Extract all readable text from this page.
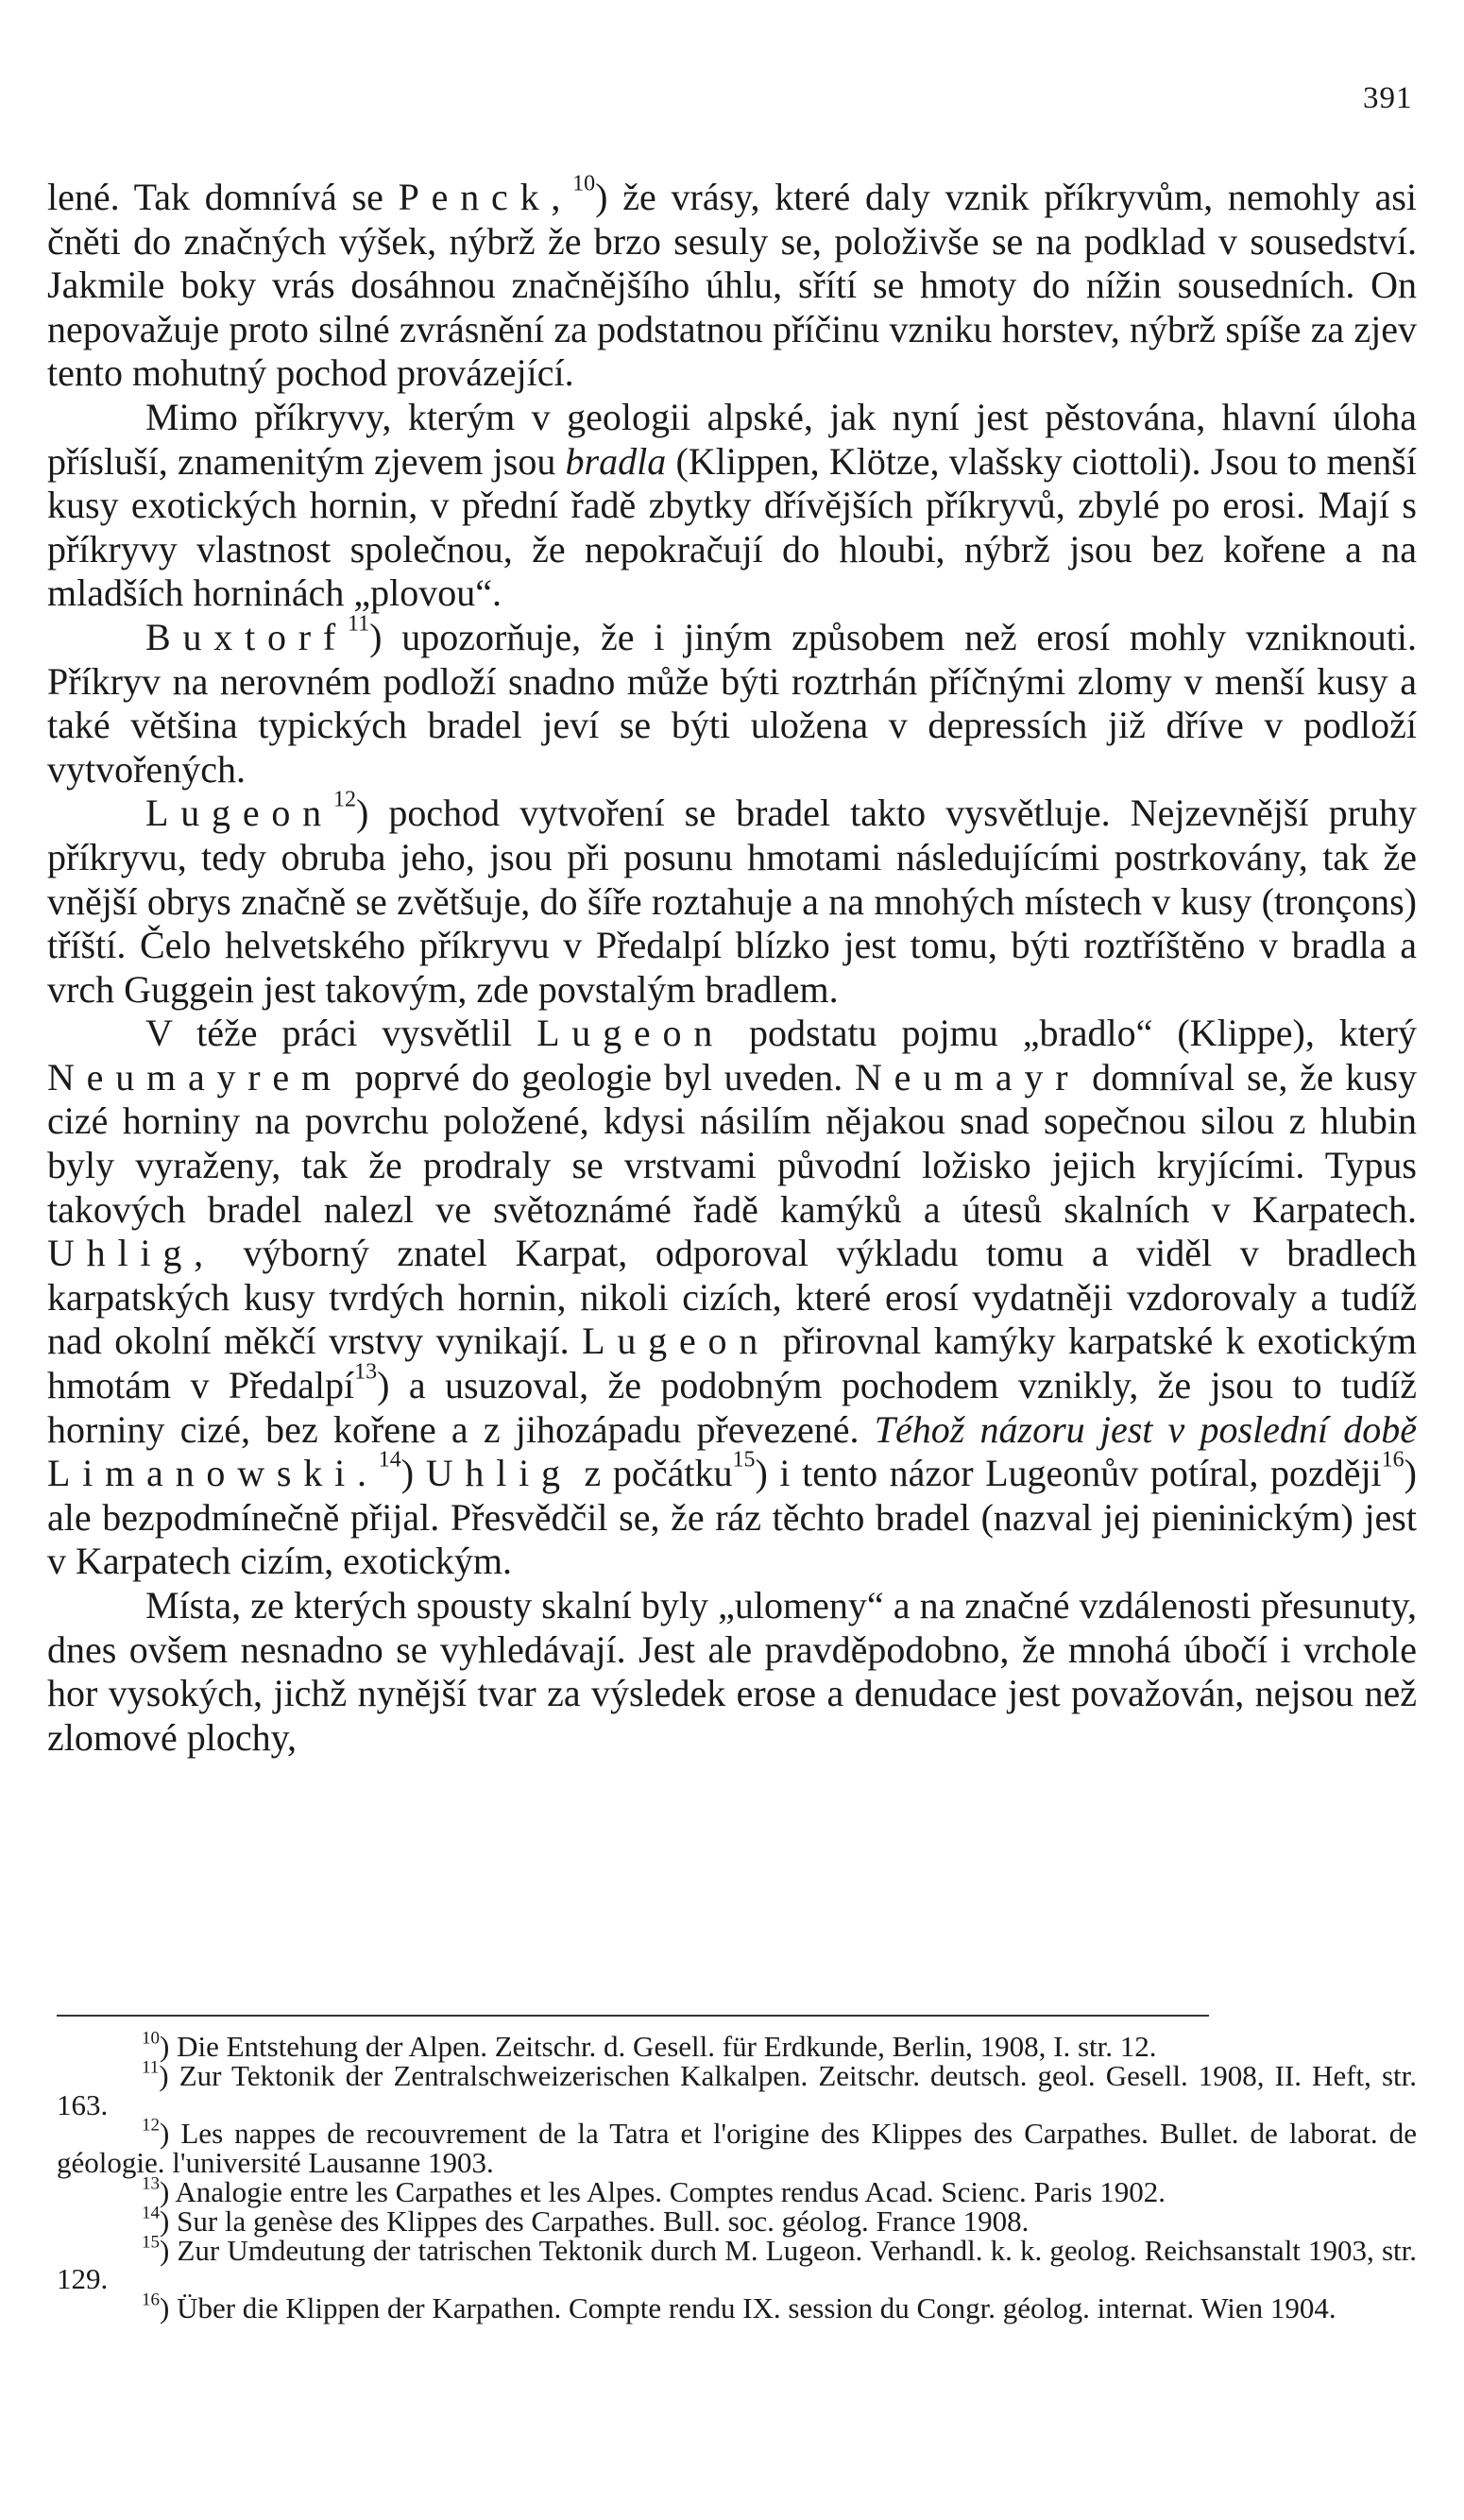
391

lené. Tak domnívá se Penck,$^{10}$) že vrásy, které daly vznik příkryvům, nemohly asi čněti do značných výšek, nýbrž že brzo sesuly se, položivše se na podklad v sousedství. Jakmile boky vrás dosáhnou značnějšího úhlu, sřítí se hmoty do nížin sousedních. On nepovažuje proto silné zvrásnění za podstatnou příčinu vzniku horstev, nýbrž spíše za zjev tento mohutný pochod provázející.

Mimo příkryvy, kterým v geologii alpské, jak nyní jest pěstována, hlavní úloha přísluší, znamenitým zjevem jsou bradla (Klippen, Klötze, vlašsky ciottoli). Jsou to menší kusy exotických hornin, v přední řadě zbytky dřívějších příkryvů, zbylé po erosi. Mají s příkryvy vlastnost společnou, že nepokračují do hloubi, nýbrž jsou bez kořene a na mladších horninách „plovou“.

Buxtorf$^{11}$) upozorňuje, že i jiným způsobem než erosí mohly vzniknouti. Příkryv na nerovném podloží snadno může býti roztrhán příčnými zlomy v menší kusy a také většina typických bradel jeví se býti uložena v depressích již dříve v podloží vytvořených.

Lugeon$^{12}$) pochod vytvoření se bradel takto vysvětluje. Nejzevnější pruhy příkryvu, tedy obruba jeho, jsou při posunu hmotami následujícími postrkovány, tak že vnější obrys značně se zvětšuje, do šíře roztahuje a na mnohých místech v kusy (tronçons) tříští. Čelo helvetského příkryvu v Předalpí blízko jest tomu, býti roztříštěno v bradla a vrch Guggein jest takovým, zde povstalým bradlem.

V téže práci vysvětlil Lugeon podstatu pojmu „bradlo“ (Klippe), který Neumayrem poprvé do geologie byl uveden. Neumayr domníval se, že kusy cizé horniny na povrchu položené, kdysi násilím nějakou snad sopečnou silou z hlubin byly vyraženy, tak že prodraly se vrstvami původní ložisko jejich kryjícími. Typus takových bradel nalezl ve světoznámé řadě kamýků a útesů skalních v Karpatech. Uhlig, výborný znatel Karpat, odporoval výkladu tomu a viděl v bradlech karpatských kusy tvrdých hornin, nikoli cizích, které erosí vydatněji vzdorovaly a tudíž nad okolní měkčí vrstvy vynikají. Lugeon přirovnal kamýky karpatské k exotickým hmotám v Předalpí$^{13}$) a usuzoval, že podobným pochodem vznikly, že jsou to tudíž horniny cizé, bez kořene a z jihozápadu převezené. Téhož názoru jest v poslední době Limanowski.$^{14}$) Uhlig z počátku$^{15}$) i tento názor Lugeonův potíral, později$^{16}$) ale bezpodmínečně přijal. Přesvědčil se, že ráz těchto bradel (nazval jej pieninickým) jest v Karpatech cizím, exotickým.

Místa, ze kterých spousty skalní byly „ulomeny“ a na značné vzdálenosti přesunuty, dnes ovšem nesnadno se vyhledávají. Jest ale pravděpodobno, že mnohá úbočí i vrchole hor vysokých, jichž nynější tvar za výsledek erose a denudace jest považován, nejsou než zlomové plochy,

$^{10}$) Die Entstehung der Alpen. Zeitschr. d. Gesell. für Erdkunde, Berlin, 1908, I. str. 12.

$^{11}$) Zur Tektonik der Zentralschweizerischen Kalkalpen. Zeitschr. deutsch. geol. Gesell. 1908, II. Heft, str. 163.

$^{12}$) Les nappes de recouvrement de la Tatra et l'origine des Klippes des Carpathes. Bullet. de laborat. de géologie. l'université Lausanne 1903.

$^{13}$) Analogie entre les Carpathes et les Alpes. Comptes rendus Acad. Scienc. Paris 1902.

$^{14}$) Sur la genèse des Klippes des Carpathes. Bull. soc. géolog. France 1908.

$^{15}$) Zur Umdeutung der tatrischen Tektonik durch M. Lugeon. Verhandl. k. k. geolog. Reichsanstalt 1903, str. 129.

$^{16}$) Über die Klippen der Karpathen. Compte rendu IX. session du Congr. géolog. internat. Wien 1904.
